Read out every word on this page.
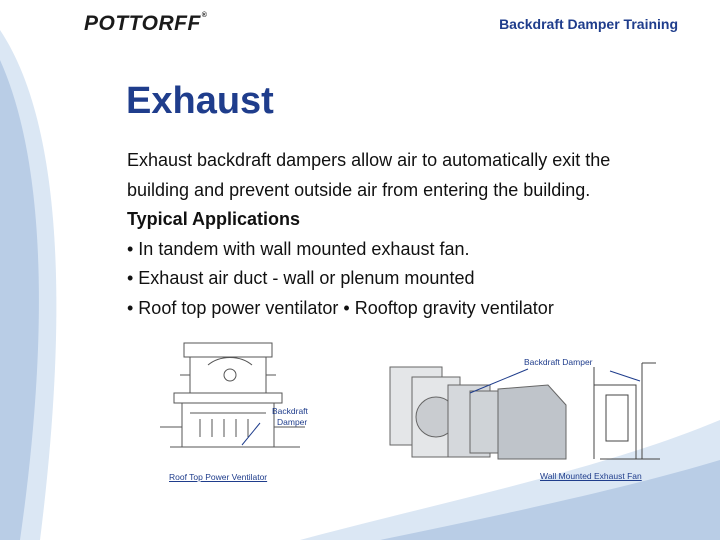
POTTORFF®
Backdraft Damper Training
Exhaust
Exhaust backdraft dampers allow air to automatically exit the
building and prevent outside air from entering the building.
Typical Applications
• In tandem with wall mounted exhaust fan.
• Exhaust air duct - wall or plenum mounted
• Roof top power ventilator • Rooftop gravity ventilator
Backdraft
Damper
Roof Top Power Ventilator
Backdraft Damper
Wall Mounted Exhaust Fan
